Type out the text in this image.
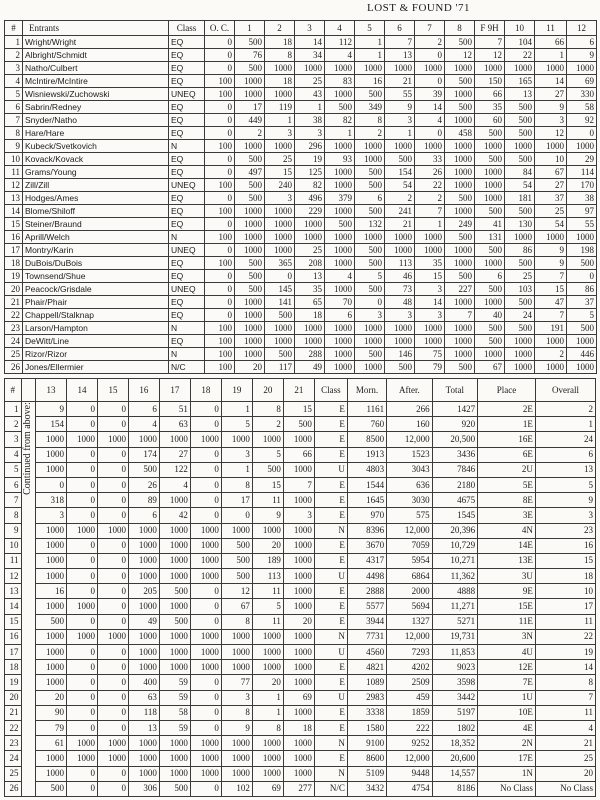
LOST & FOUND '71
#	Entrants	Class	O. C.	1	2	3	4	5	6	7	8	F 9H	10	11	12
1	Wright/Wright	EQ	0	500	18	14	112	1	7	2	500	7	104	66	6
2	Albright/Schmidt	EQ	0	76	8	34	4	1	13	0	12	12	22	1	9
3	Natho/Culbert	EQ	0	500	1000	1000	1000	1000	1000	1000	1000	1000	1000	1000	1000
4	McIntire/McIntire	EQ	100	1000	18	25	83	16	21	0	500	150	165	14	69
5	Wisniewski/Zuchowski	UNEQ	100	1000	1000	43	1000	500	55	39	1000	66	13	27	330
6	Sabrin/Redney	EQ	0	17	119	1	500	349	9	14	500	35	500	9	58
7	Snyder/Natho	EQ	0	449	1	38	82	8	3	4	1000	60	500	3	92
8	Hare/Hare	EQ	0	2	3	3	1	2	1	0	458	500	500	12	0
9	Kubeck/Svetkovich	N	100	1000	1000	296	1000	1000	1000	1000	1000	1000	1000	1000	1000
10	Kovack/Kovack	EQ	0	500	25	19	93	1000	500	33	1000	500	500	10	29
11	Grams/Young	EQ	0	497	15	125	1000	500	154	26	1000	1000	84	67	114
12	Zill/Zill	UNEQ	100	500	240	82	1000	500	54	22	1000	1000	54	27	170
13	Hodges/Ames	EQ	0	500	3	496	379	6	2	2	500	1000	181	37	38
14	Blome/Shiloff	EQ	100	1000	1000	229	1000	500	241	7	1000	500	500	25	97
15	Steiner/Braund	EQ	0	1000	1000	1000	500	132	21	1	249	41	130	54	55
16	Aprill/Welch	N	100	1000	1000	1000	1000	1000	1000	1000	500	131	1000	1000	1000
17	Montry/Karin	UNEQ	0	1000	1000	25	1000	500	1000	1000	1000	500	86	9	198
18	DuBois/DuBois	EQ	100	500	365	208	1000	500	113	35	1000	1000	500	9	500
19	Townsend/Shue	EQ	0	500	0	13	4	5	46	15	500	6	25	7	0
20	Peacock/Grisdale	UNEQ	0	500	145	35	1000	500	73	3	227	500	103	15	86
21	Phair/Phair	EQ	0	1000	141	65	70	0	48	14	1000	1000	500	47	37
22	Chappell/Stalknap	EQ	0	1000	500	18	6	3	3	3	7	40	24	7	5
23	Larson/Hampton	N	100	1000	1000	1000	1000	1000	1000	1000	1000	500	500	191	500
24	DeWitt/Line	EQ	100	1000	1000	1000	1000	1000	1000	1000	1000	500	1000	1000	1000
25	Rizor/Rizor	N	100	1000	500	288	1000	500	146	75	1000	1000	1000	2	446
26	Jones/Ellermier	N/C	100	20	117	49	1000	1000	500	79	500	67	1000	1000	1000
#		13	14	15	16	17	18	19	20	21	Class	Morn.	After.	Total	Place	Overall
1	Continued from above:	9	0	0	6	51	0	1	8	15	E	1161	266	1427	2E	2
2		154	0	0	4	63	0	5	2	500	E	760	160	920	1E	1
3		1000	1000	1000	1000	1000	1000	1000	1000	1000	E	8500	12,000	20,500	16E	24
4		1000	0	0	174	27	0	3	5	66	E	1913	1523	3436	6E	6
5		1000	0	0	500	122	0	1	500	1000	U	4803	3043	7846	2U	13
6		0	0	0	26	4	0	8	15	7	E	1544	636	2180	5E	5
7		318	0	0	89	1000	0	17	11	1000	E	1645	3030	4675	8E	9
8		3	0	0	6	42	0	0	9	3	E	970	575	1545	3E	3
9		1000	1000	1000	1000	1000	1000	1000	1000	1000	N	8396	12,000	20,396	4N	23
10		1000	0	0	1000	1000	1000	500	20	1000	E	3670	7059	10,729	14E	16
11		1000	0	0	1000	1000	1000	500	189	1000	E	4317	5954	10,271	13E	15
12		1000	0	0	1000	1000	1000	500	113	1000	U	4498	6864	11,362	3U	18
13		16	0	0	205	500	0	12	11	1000	E	2888	2000	4888	9E	10
14		1000	1000	0	1000	1000	0	67	5	1000	E	5577	5694	11,271	15E	17
15		500	0	0	49	500	0	8	11	20	E	3944	1327	5271	11E	11
16		1000	1000	1000	1000	1000	1000	1000	1000	1000	N	7731	12,000	19,731	3N	22
17		1000	0	0	1000	1000	1000	1000	1000	1000	U	4560	7293	11,853	4U	19
18		1000	0	0	1000	1000	1000	1000	1000	1000	E	4821	4202	9023	12E	14
19		1000	0	0	400	59	0	77	20	1000	E	1089	2509	3598	7E	8
20		20	0	0	63	59	0	3	1	69	U	2983	459	3442	1U	7
21		90	0	0	118	58	0	8	1	1000	E	3338	1859	5197	10E	11
22		79	0	0	13	59	0	9	8	18	E	1580	222	1802	4E	4
23		61	1000	1000	1000	1000	1000	1000	1000	1000	N	9100	9252	18,352	2N	21
24		1000	1000	1000	1000	1000	1000	1000	1000	1000	E	8600	12,000	20,600	17E	25
25		1000	0	0	1000	1000	1000	1000	1000	1000	N	5109	9448	14,557	1N	20
26		500	0	0	306	500	0	102	69	277	N/C	3432	4754	8186	No Class	No Class
